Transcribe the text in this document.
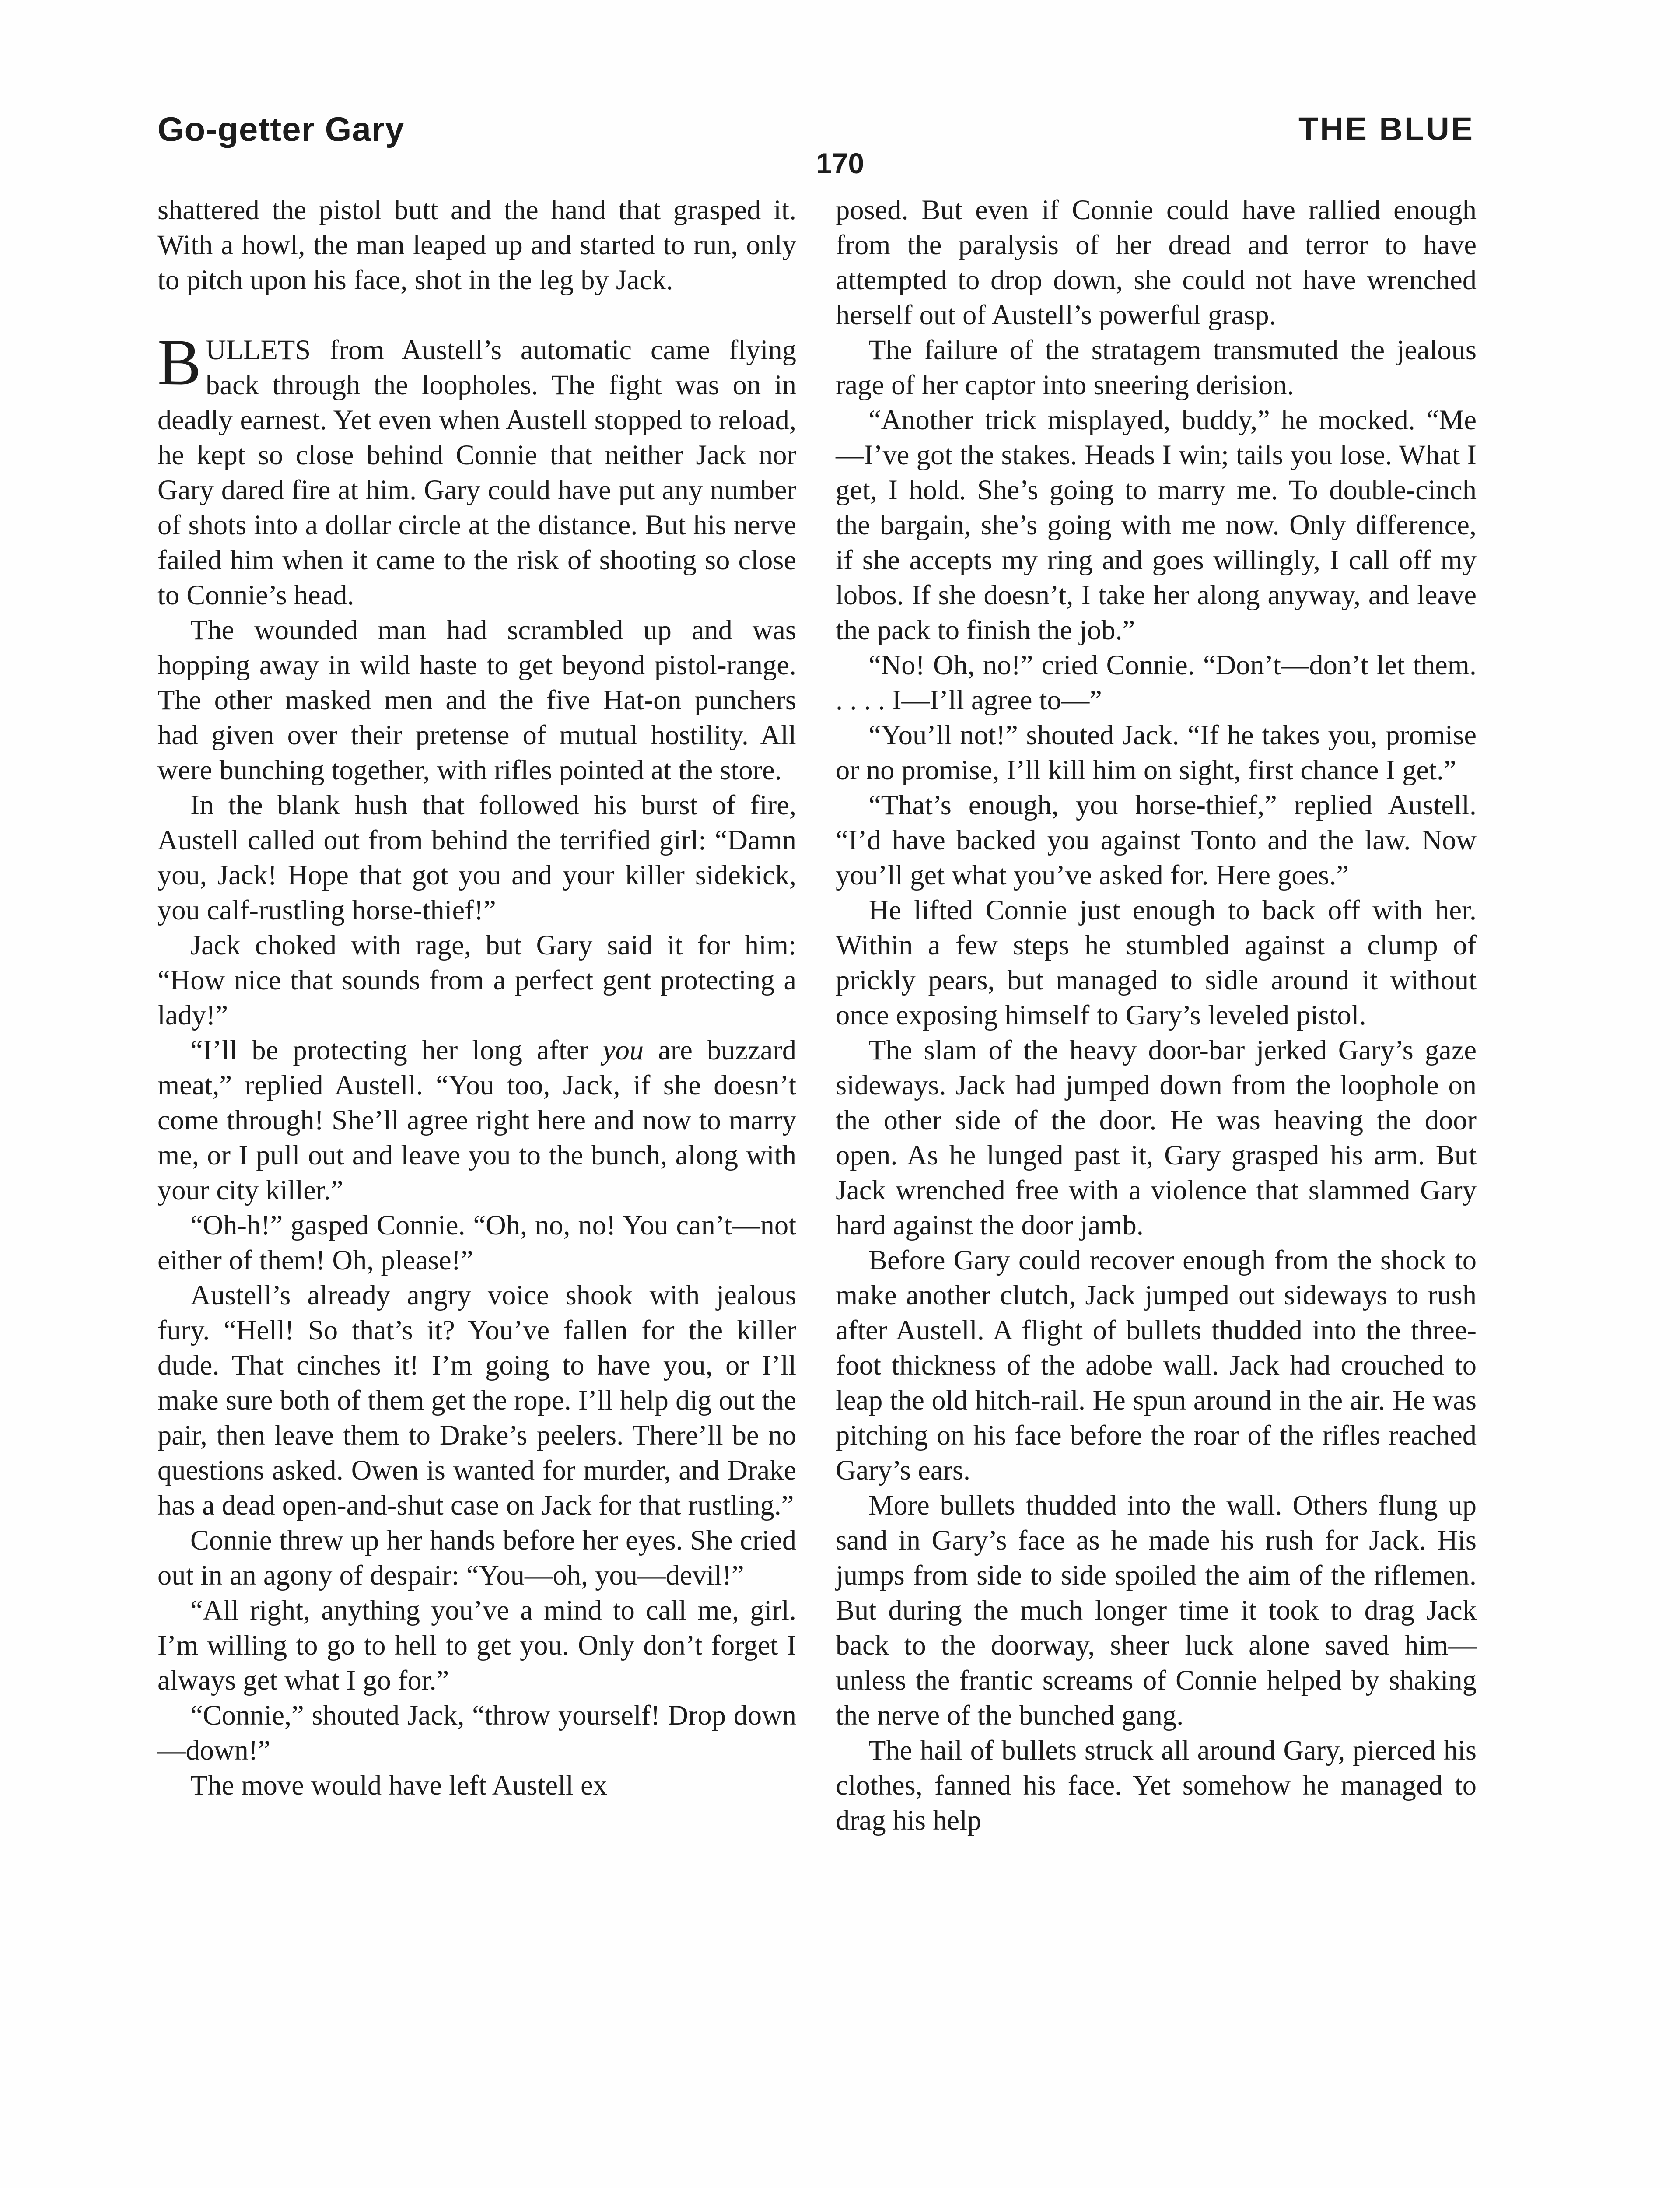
Go-getter Gary	THE BLUE
170

shattered the pistol butt and the hand that grasped it. With a howl, the man leaped up and started to run, only to pitch upon his face, shot in the leg by Jack.

BULLETS from Austell’s automatic came flying back through the loopholes. The fight was on in deadly earnest. Yet even when Austell stopped to reload, he kept so close behind Connie that neither Jack nor Gary dared fire at him. Gary could have put any number of shots into a dollar circle at the distance. But his nerve failed him when it came to the risk of shooting so close to Connie’s head.

The wounded man had scrambled up and was hopping away in wild haste to get beyond pistol-range. The other masked men and the five Hat-on punchers had given over their pretense of mutual hostility. All were bunching together, with rifles pointed at the store.

In the blank hush that followed his burst of fire, Austell called out from behind the terrified girl: “Damn you, Jack! Hope that got you and your killer sidekick, you calf-rustling horse-thief!”

Jack choked with rage, but Gary said it for him: “How nice that sounds from a perfect gent protecting a lady!”

“I’ll be protecting her long after you are buzzard meat,” replied Austell. “You too, Jack, if she doesn’t come through! She’ll agree right here and now to marry me, or I pull out and leave you to the bunch, along with your city killer.”

“Oh-h!” gasped Connie. “Oh, no, no! You can’t—not either of them! Oh, please!”

Austell’s already angry voice shook with jealous fury. “Hell! So that’s it? You’ve fallen for the killer dude. That cinches it! I’m going to have you, or I’ll make sure both of them get the rope. I’ll help dig out the pair, then leave them to Drake’s peelers. There’ll be no questions asked. Owen is wanted for murder, and Drake has a dead open-and-shut case on Jack for that rustling.”

Connie threw up her hands before her eyes. She cried out in an agony of despair: “You—oh, you—devil!”

“All right, anything you’ve a mind to call me, girl. I’m willing to go to hell to get you. Only don’t forget I always get what I go for.”

“Connie,” shouted Jack, “throw yourself! Drop down—down!”

The move would have left Austell ex

posed. But even if Connie could have rallied enough from the paralysis of her dread and terror to have attempted to drop down, she could not have wrenched herself out of Austell’s powerful grasp.

The failure of the stratagem transmuted the jealous rage of her captor into sneering derision.

“Another trick misplayed, buddy,” he mocked. “Me—I’ve got the stakes. Heads I win; tails you lose. What I get, I hold. She’s going to marry me. To double-cinch the bargain, she’s going with me now. Only difference, if she accepts my ring and goes willingly, I call off my lobos. If she doesn’t, I take her along anyway, and leave the pack to finish the job.”

“No! Oh, no!” cried Connie. “Don’t—don’t let them. . . . . I—I’ll agree to—”

“You’ll not!” shouted Jack. “If he takes you, promise or no promise, I’ll kill him on sight, first chance I get.”

“That’s enough, you horse-thief,” replied Austell. “I’d have backed you against Tonto and the law. Now you’ll get what you’ve asked for. Here goes.”

He lifted Connie just enough to back off with her. Within a few steps he stumbled against a clump of prickly pears, but managed to sidle around it without once exposing himself to Gary’s leveled pistol.

The slam of the heavy door-bar jerked Gary’s gaze sideways. Jack had jumped down from the loophole on the other side of the door. He was heaving the door open. As he lunged past it, Gary grasped his arm. But Jack wrenched free with a violence that slammed Gary hard against the door jamb.

Before Gary could recover enough from the shock to make another clutch, Jack jumped out sideways to rush after Austell. A flight of bullets thudded into the three-foot thickness of the adobe wall. Jack had crouched to leap the old hitch-rail. He spun around in the air. He was pitching on his face before the roar of the rifles reached Gary’s ears.

More bullets thudded into the wall. Others flung up sand in Gary’s face as he made his rush for Jack. His jumps from side to side spoiled the aim of the riflemen. But during the much longer time it took to drag Jack back to the doorway, sheer luck alone saved him—unless the frantic screams of Connie helped by shaking the nerve of the bunched gang.

The hail of bullets struck all around Gary, pierced his clothes, fanned his face. Yet somehow he managed to drag his help
